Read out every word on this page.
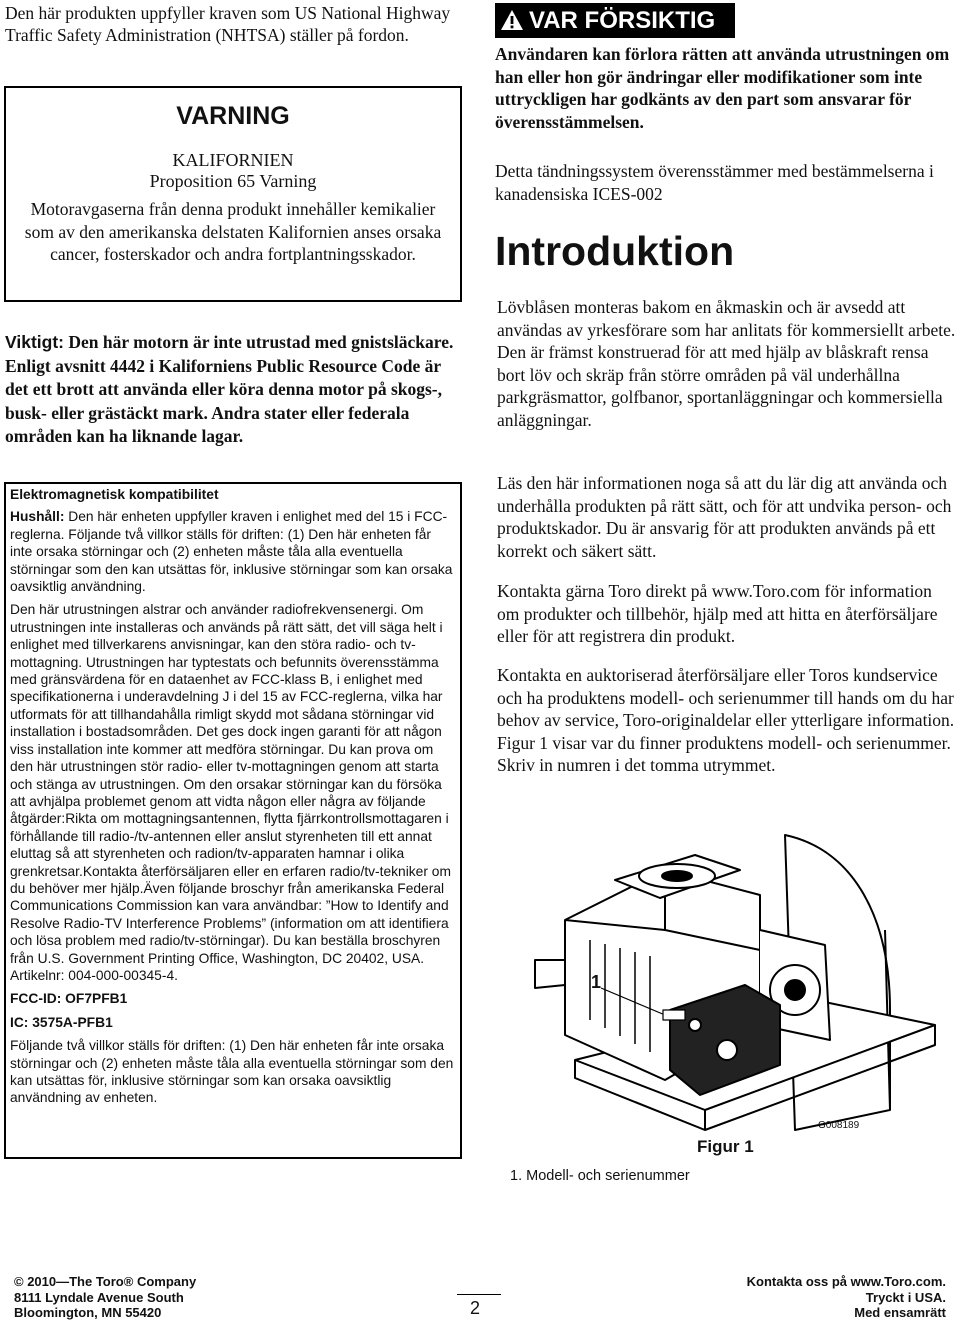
Den här produkten uppfyller kraven som US National Highway Traffic Safety Administration (NHTSA) ställer på fordon.
VARNING
KALIFORNIEN
Proposition 65 Varning
Motoravgaserna från denna produkt innehåller kemikalier som av den amerikanska delstaten Kalifornien anses orsaka cancer, fosterskador och andra fortplantningsskador.
Viktigt: Den här motorn är inte utrustad med gnistsläckare. Enligt avsnitt 4442 i Kaliforniens Public Resource Code är det ett brott att använda eller köra denna motor på skogs-, busk- eller grästäckt mark. Andra stater eller federala områden kan ha liknande lagar.

Elektromagnetisk kompatibilitet

Hushåll: Den här enheten uppfyller kraven i enlighet med del 15 i FCC-reglerna. Följande två villkor ställs för driften: (1) Den här enheten får inte orsaka störningar och (2) enheten måste tåla alla eventuella störningar som den kan utsättas för, inklusive störningar som kan orsaka oavsiktlig användning.

Den här utrustningen alstrar och använder radiofrekvensenergi. Om utrustningen inte installeras och används på rätt sätt, det vill säga helt i enlighet med tillverkarens anvisningar, kan den störa radio- och tv-mottagning. Utrustningen har typtestats och befunnits överensstämma med gränsvärdena för en dataenhet av FCC-klass B, i enlighet med specifikationerna i underavdelning J i del 15 av FCC-reglerna, vilka har utformats för att tillhandahålla rimligt skydd mot sådana störningar vid installation i bostadsområden. Det ges dock ingen garanti för att någon viss installation inte kommer att medföra störningar. Du kan prova om den här utrustningen stör radio- eller tv-mottagningen genom att starta och stänga av utrustningen. Om den orsakar störningar kan du försöka att avhjälpa problemet genom att vidta någon eller några av följande åtgärder:Rikta om mottagningsantennen, flytta fjärrkontrollsmottagaren i förhållande till radio-/tv-antennen eller anslut styrenheten till ett annat eluttag så att styrenheten och radion/tv-apparaten hamnar i olika grenkretsar.Kontakta återförsäljaren eller en erfaren radio/tv-tekniker om du behöver mer hjälp.Även följande broschyr från amerikanska Federal Communications Commission kan vara användbar: ”How to Identify and Resolve Radio-TV Interference Problems” (information om att identifiera och lösa problem med radio/tv-störningar). Du kan beställa broschyren från U.S. Government Printing Office, Washington, DC 20402, USA. Artikelnr: 004-000-00345-4.

FCC-ID: OF7PFB1

IC: 3575A-PFB1

Följande två villkor ställs för driften: (1) Den här enheten får inte orsaka störningar och (2) enheten måste tåla alla eventuella störningar som den kan utsättas för, inklusive störningar som kan orsaka oavsiktlig användning av enheten.

VAR FÖRSIKTIG
Användaren kan förlora rätten att använda utrustningen om han eller hon gör ändringar eller modifikationer som inte uttryckligen har godkänts av den part som ansvarar för överensstämmelsen.
Detta tändningssystem överensstämmer med bestämmelserna i kanadensiska ICES-002
Introduktion
Lövblåsen monteras bakom en åkmaskin och är avsedd att användas av yrkesförare som har anlitats för kommersiellt arbete. Den är främst konstruerad för att med hjälp av blåskraft rensa bort löv och skräp från större områden på väl underhållna parkgräsmattor, golfbanor, sportanläggningar och kommersiella anläggningar.
Läs den här informationen noga så att du lär dig att använda och underhålla produkten på rätt sätt, och för att undvika person- och produktskador. Du är ansvarig för att produkten används på ett korrekt och säkert sätt.
Kontakta gärna Toro direkt på www.Toro.com för information om produkter och tillbehör, hjälp med att hitta en återförsäljare eller för att registrera din produkt.
Kontakta en auktoriserad återförsäljare eller Toros kundservice och ha produktens modell- och serienummer till hands om du har behov av service, Toro-originaldelar eller ytterligare information. Figur 1 visar var du finner produktens modell- och serienummer. Skriv in numren i det tomma utrymmet.
1
G008189
Figur 1
1. Modell- och serienummer
© 2010—The Toro® Company
8111 Lyndale Avenue South
Bloomington, MN 55420	2
Kontakta oss på www.Toro.com.
Tryckt i USA.
Med ensamrätt
